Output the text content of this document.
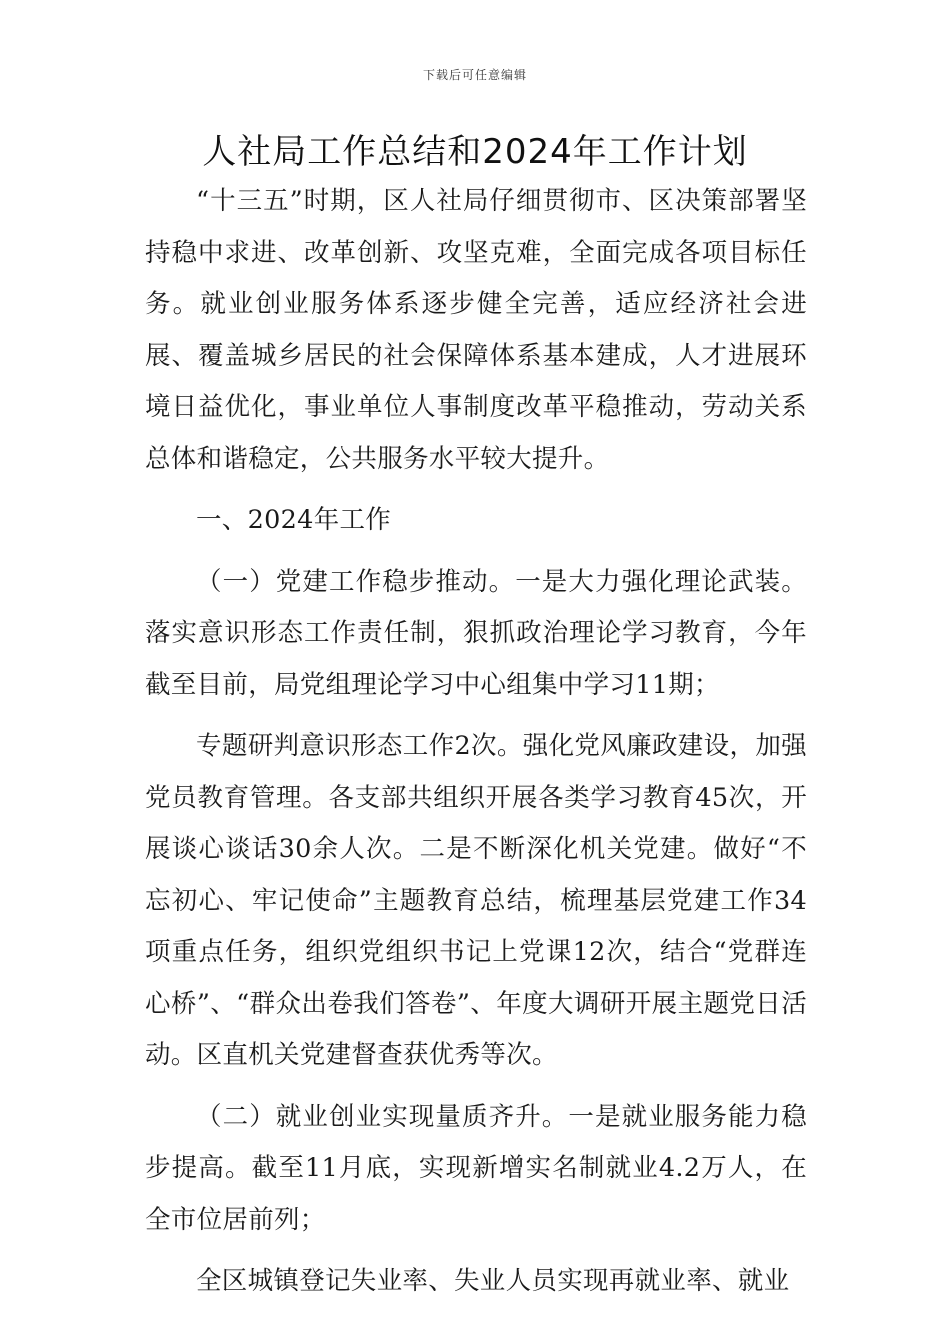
下载后可任意编辑
人社局工作总结和2024年工作计划

“十三五”时期，区人社局仔细贯彻市、区决策部署坚持稳中求进、改革创新、攻坚克难，全面完成各项目标任务。就业创业服务体系逐步健全完善，适应经济社会进展、覆盖城乡居民的社会保障体系基本建成，人才进展环境日益优化，事业单位人事制度改革平稳推动，劳动关系总体和谐稳定，公共服务水平较大提升。

一、2024年工作

（一）党建工作稳步推动。一是大力强化理论武装。落实意识形态工作责任制，狠抓政治理论学习教育，今年截至目前，局党组理论学习中心组集中学习11期；

专题研判意识形态工作2次。强化党风廉政建设，加强党员教育管理。各支部共组织开展各类学习教育45次，开展谈心谈话30余人次。二是不断深化机关党建。做好“不忘初心、牢记使命”主题教育总结，梳理基层党建工作34项重点任务，组织党组织书记上党课12次，结合“党群连心桥”、“群众出卷我们答卷”、年度大调研开展主题党日活动。区直机关党建督查获优秀等次。

（二）就业创业实现量质齐升。一是就业服务能力稳步提高。截至11月底，实现新增实名制就业4.2万人，在全市位居前列；

全区城镇登记失业率、失业人员实现再就业率、就业
